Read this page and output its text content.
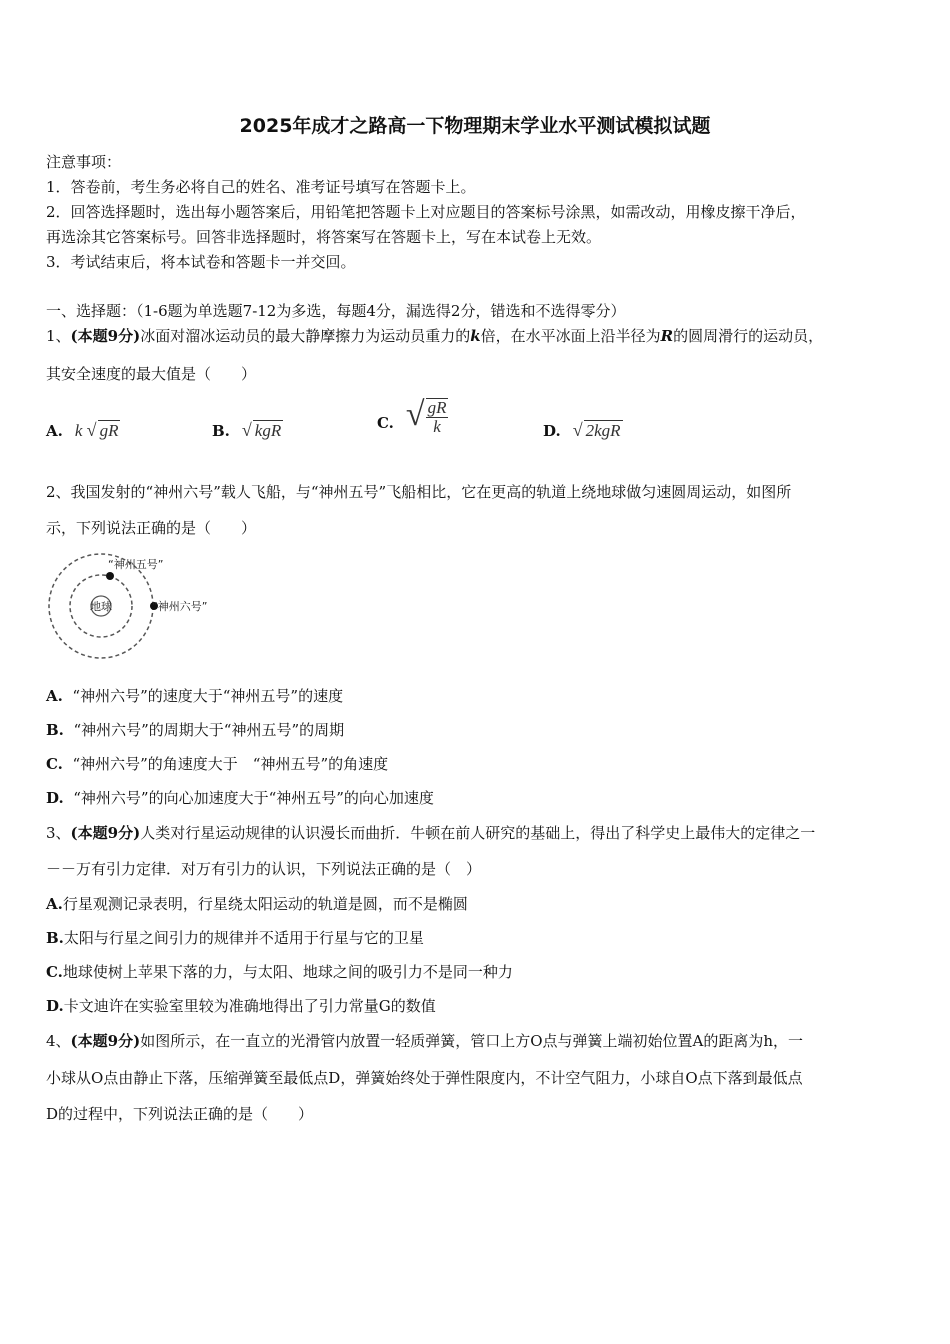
2025年成才之路高一下物理期末学业水平测试模拟试题
注意事项：
1．答卷前，考生务必将自己的姓名、准考证号填写在答题卡上。
2．回答选择题时，选出每小题答案后，用铅笔把答题卡上对应题目的答案标号涂黑，如需改动，用橡皮擦干净后，
再选涂其它答案标号。回答非选择题时，将答案写在答题卡上，写在本试卷上无效。
3．考试结束后，将本试卷和答题卡一并交回。
一、选择题：（1-6题为单选题7-12为多选，每题4分，漏选得2分，错选和不选得零分）
1、(本题9分)冰面对溜冰运动员的最大静摩擦力为运动员重力的k倍，在水平冰面上沿半径为R的圆周滑行的运动员，
其安全速度的最大值是（　　）
A. k √ gR	B. √ kgR	C. √ $\frac{gR}{k}$	D. √ 2kgR
2、我国发射的“神州六号”载人飞船，与“神州五号”飞船相比，它在更高的轨道上绕地球做匀速圆周运动，如图所
示，下列说法正确的是（　　）
地球
“神州五号”
“神州六号”
A. “神州六号”的速度大于“神州五号”的速度
B. “神州六号”的周期大于“神州五号”的周期
C. “神州六号”的角速度大于　“神州五号”的角速度
D. “神州六号”的向心加速度大于“神州五号”的向心加速度
3、(本题9分)人类对行星运动规律的认识漫长而曲折．牛顿在前人研究的基础上，得出了科学史上最伟大的定律之一
－－万有引力定律．对万有引力的认识，下列说法正确的是（　）
A.行星观测记录表明，行星绕太阳运动的轨道是圆，而不是椭圆
B.太阳与行星之间引力的规律并不适用于行星与它的卫星
C.地球使树上苹果下落的力，与太阳、地球之间的吸引力不是同一种力
D.卡文迪许在实验室里较为准确地得出了引力常量G的数值
4、(本题9分)如图所示，在一直立的光滑管内放置一轻质弹簧，管口上方O点与弹簧上端初始位置A的距离为h，一
小球从O点由静止下落，压缩弹簧至最低点D，弹簧始终处于弹性限度内，不计空气阻力，小球自O点下落到最低点
D的过程中，下列说法正确的是（　　）
